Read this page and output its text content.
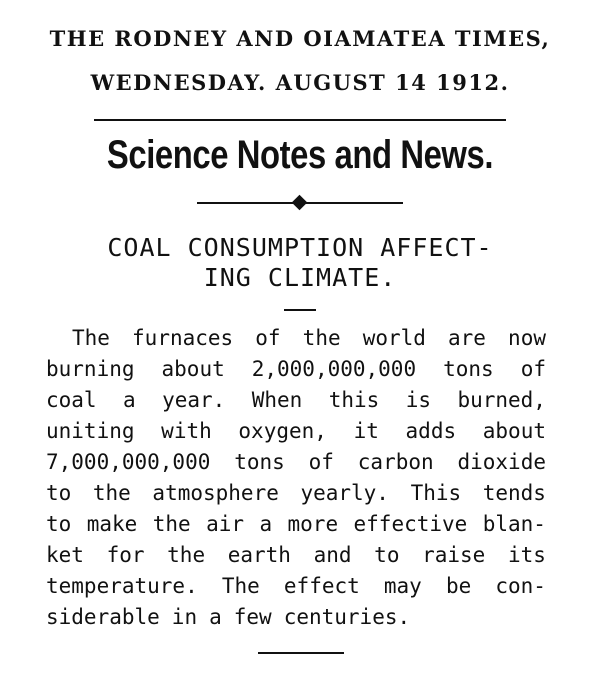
THE RODNEY AND OIAMATEA TIMES,
WEDNESDAY. AUGUST 14 1912.
Science Notes and News.
COAL CONSUMPTION AFFECT-
ING CLIMATE.
The furnaces of the world are now
burning about 2,000,000,000 tons of
coal a year. When this is burned,
uniting with oxygen, it adds about
7,000,000,000 tons of carbon dioxide
to the atmosphere yearly. This tends
to make the air a more effective blan-
ket for the earth and to raise its
temperature. The effect may be con-
siderable in a few centuries.
